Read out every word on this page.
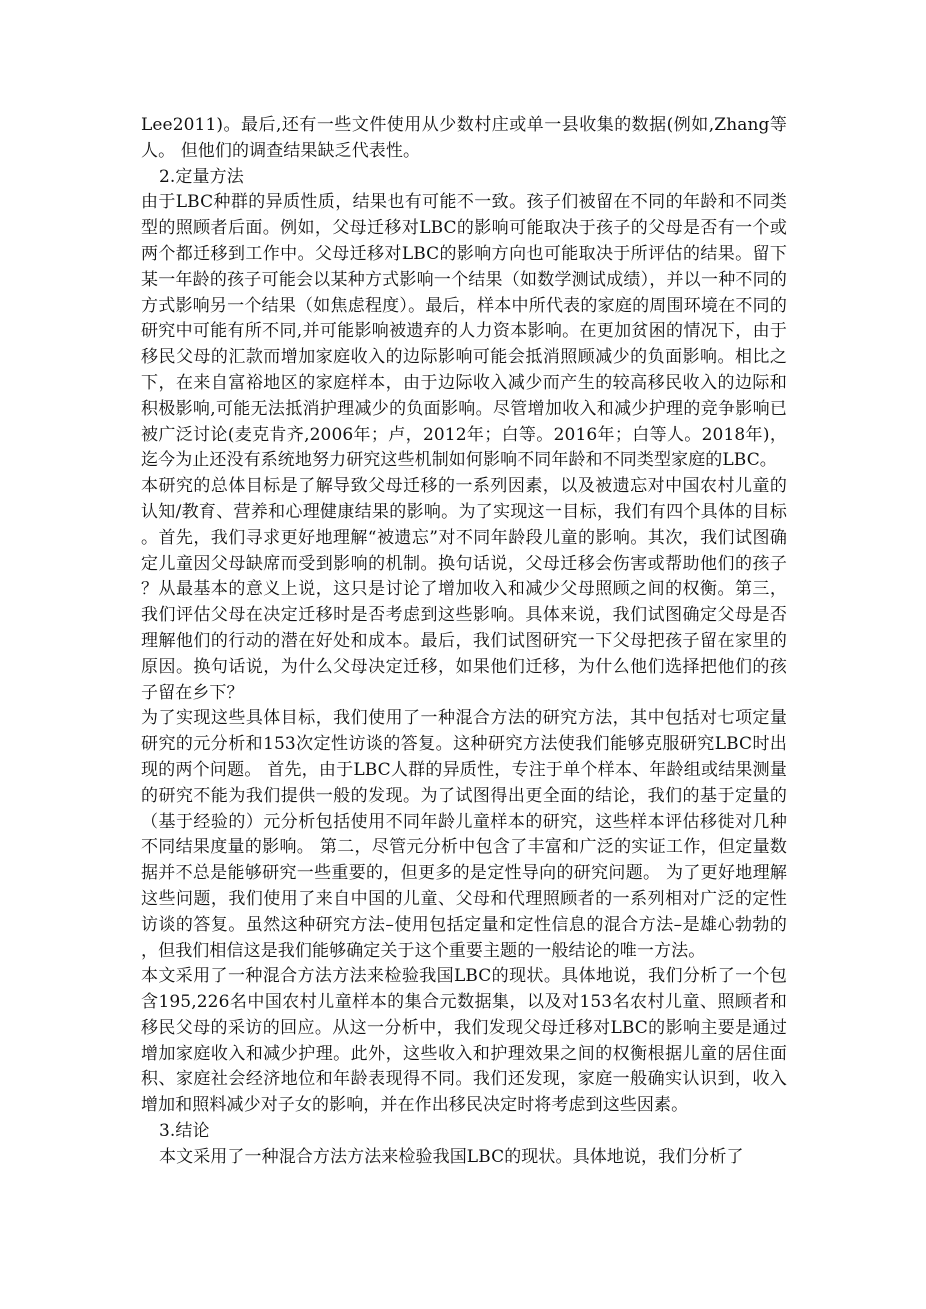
Lee2011)。最后,还有一些文件使用从少数村庄或单一县收集的数据(例如,Zhang等人。 但他们的调查结果缺乏代表性。

2.定量方法

由于LBC种群的异质性质，结果也有可能不一致。孩子们被留在不同的年龄和不同类型的照顾者后面。例如，父母迁移对LBC的影响可能取决于孩子的父母是否有一个或两个都迁移到工作中。父母迁移对LBC的影响方向也可能取决于所评估的结果。留下某一年龄的孩子可能会以某种方式影响一个结果（如数学测试成绩），并以一种不同的方式影响另一个结果（如焦虑程度）。最后，样本中所代表的家庭的周围环境在不同的研究中可能有所不同,并可能影响被遗弃的人力资本影响。在更加贫困的情况下，由于移民父母的汇款而增加家庭收入的边际影响可能会抵消照顾减少的负面影响。相比之下，在来自富裕地区的家庭样本，由于边际收入减少而产生的较高移民收入的边际和积极影响,可能无法抵消护理减少的负面影响。尽管增加收入和减少护理的竞争影响已被广泛讨论(麦克肯齐,2006年；卢，2012年；白等。2016年；白等人。2018年)，迄今为止还没有系统地努力研究这些机制如何影响不同年龄和不同类型家庭的LBC。

本研究的总体目标是了解导致父母迁移的一系列因素，以及被遗忘对中国农村儿童的认知/教育、营养和心理健康结果的影响。为了实现这一目标，我们有四个具体的目标。首先，我们寻求更好地理解“被遗忘”对不同年龄段儿童的影响。其次，我们试图确定儿童因父母缺席而受到影响的机制。换句话说，父母迁移会伤害或帮助他们的孩子？从最基本的意义上说，这只是讨论了增加收入和减少父母照顾之间的权衡。第三，我们评估父母在决定迁移时是否考虑到这些影响。具体来说，我们试图确定父母是否理解他们的行动的潜在好处和成本。最后，我们试图研究一下父母把孩子留在家里的原因。换句话说，为什么父母决定迁移，如果他们迁移，为什么他们选择把他们的孩子留在乡下？

为了实现这些具体目标，我们使用了一种混合方法的研究方法，其中包括对七项定量研究的元分析和153次定性访谈的答复。这种研究方法使我们能够克服研究LBC时出现的两个问题。 首先，由于LBC人群的异质性，专注于单个样本、年龄组或结果测量的研究不能为我们提供一般的发现。为了试图得出更全面的结论，我们的基于定量的（基于经验的）元分析包括使用不同年龄儿童样本的研究，这些样本评估移徙对几种不同结果度量的影响。 第二，尽管元分析中包含了丰富和广泛的实证工作，但定量数据并不总是能够研究一些重要的，但更多的是定性导向的研究问题。 为了更好地理解这些问题，我们使用了来自中国的儿童、父母和代理照顾者的一系列相对广泛的定性访谈的答复。虽然这种研究方法–使用包括定量和定性信息的混合方法–是雄心勃勃的，但我们相信这是我们能够确定关于这个重要主题的一般结论的唯一方法。

本文采用了一种混合方法方法来检验我国LBC的现状。具体地说，我们分析了一个包含195,226名中国农村儿童样本的集合元数据集，以及对153名农村儿童、照顾者和移民父母的采访的回应。从这一分析中，我们发现父母迁移对LBC的影响主要是通过增加家庭收入和减少护理。此外，这些收入和护理效果之间的权衡根据儿童的居住面积、家庭社会经济地位和年龄表现得不同。我们还发现，家庭一般确实认识到，收入增加和照料减少对子女的影响，并在作出移民决定时将考虑到这些因素。

3.结论

本文采用了一种混合方法方法来检验我国LBC的现状。具体地说，我们分析了
